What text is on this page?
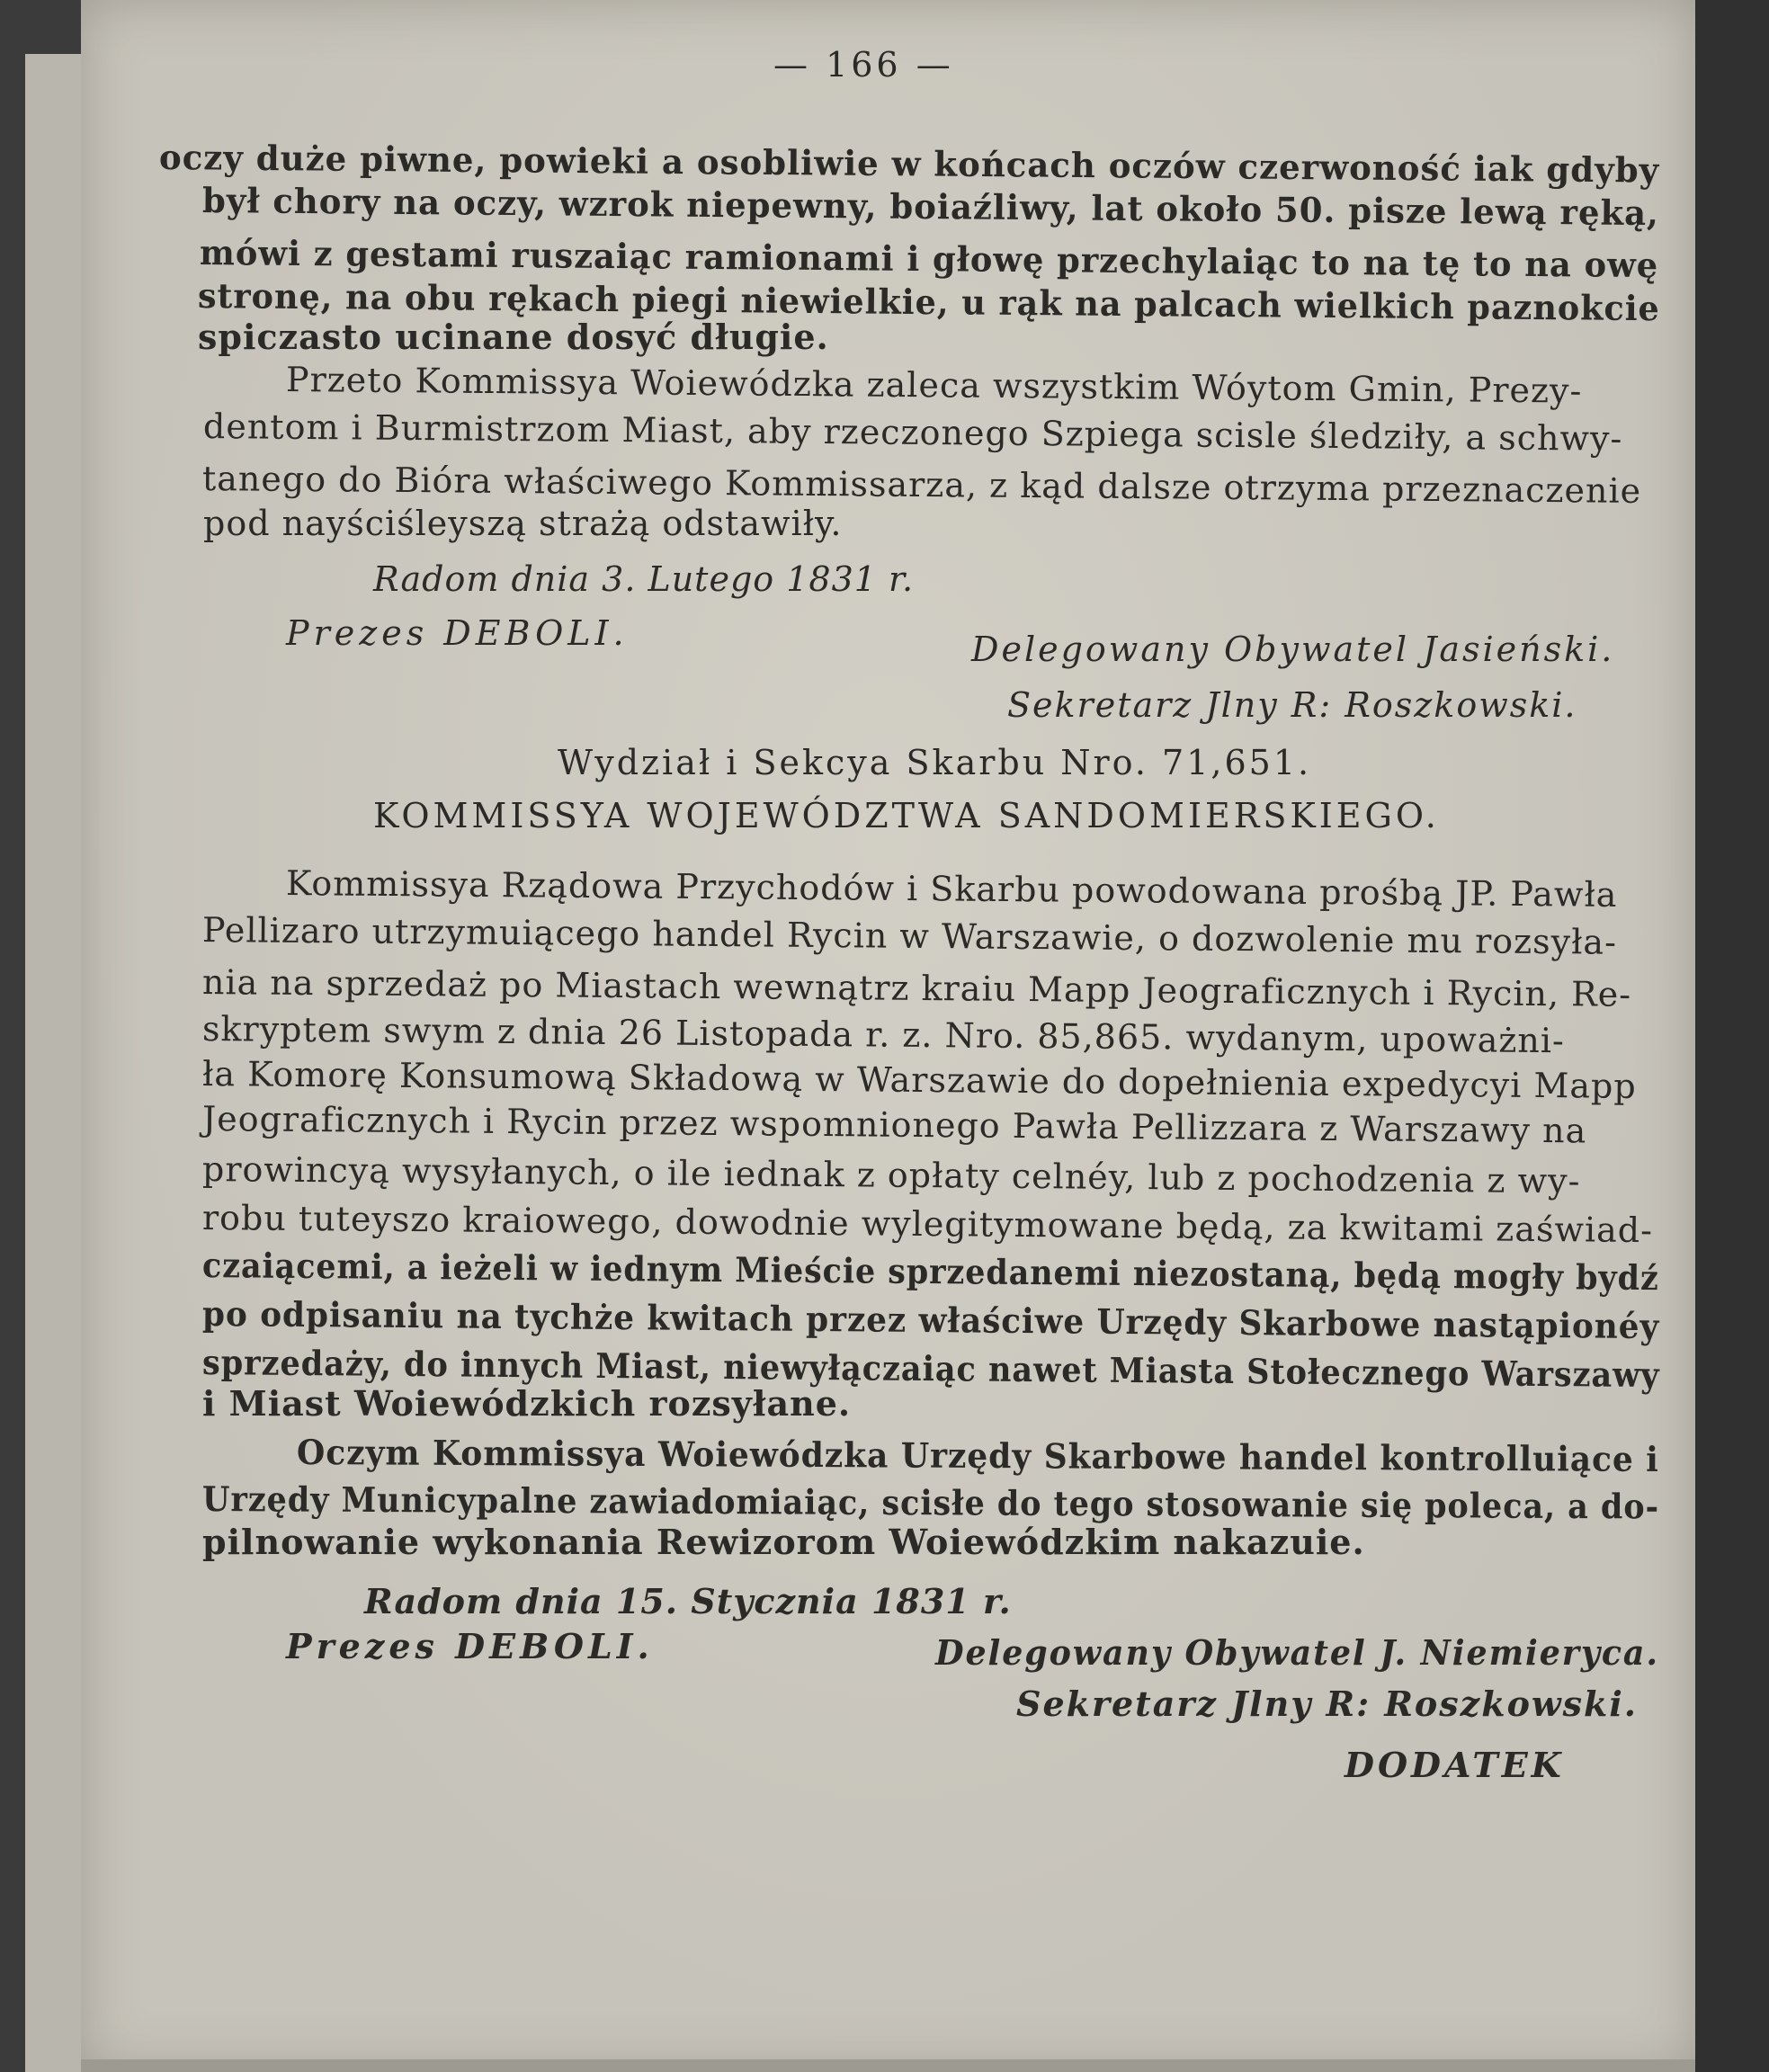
— 166 —
oczy duże piwne, powieki a osobliwie w końcach oczów czerwoność iak gdyby
był chory na oczy, wzrok niepewny, boiaźliwy, lat około 50. pisze lewą ręką,
mówi z gestami ruszaiąc ramionami i głowę przechylaiąc to na tę to na owę
stronę, na obu rękach piegi niewielkie, u rąk na palcach wielkich paznokcie
spiczasto ucinane dosyć długie.
Przeto Kommissya Woiewódzka zaleca wszystkim Wóytom Gmin, Prezy-
dentom i Burmistrzom Miast, aby rzeczonego Szpiega scisle śledziły, a schwy-
tanego do Bióra właściwego Kommissarza, z kąd dalsze otrzyma przeznaczenie
pod nayściśleyszą strażą odstawiły.
Radom dnia 3. Lutego 1831 r.
Prezes DEBOLI.	Delegowany Obywatel Jasieński.
Sekretarz Jlny R: Roszkowski.
Wydział i Sekcya Skarbu Nro. 71,651.
KOMMISSYA WOJEWÓDZTWA SANDOMIERSKIEGO.
Kommissya Rządowa Przychodów i Skarbu powodowana prośbą JP. Pawła
Pellizaro utrzymuiącego handel Rycin w Warszawie, o dozwolenie mu rozsyła-
nia na sprzedaż po Miastach wewnątrz kraiu Mapp Jeograficznych i Rycin, Re-
skryptem swym z dnia 26 Listopada r. z. Nro. 85,865. wydanym, upoważni-
ła Komorę Konsumową Składową w Warszawie do dopełnienia expedycyi Mapp
Jeograficznych i Rycin przez wspomnionego Pawła Pellizzara z Warszawy na
prowincyą wysyłanych, o ile iednak z opłaty celnéy, lub z pochodzenia z wy-
robu tuteyszo kraiowego, dowodnie wylegitymowane będą, za kwitami zaświad-
czaiącemi, a ieżeli w iednym Mieście sprzedanemi niezostaną, będą mogły bydź
po odpisaniu na tychże kwitach przez właściwe Urzędy Skarbowe nastąpionéy
sprzedaży, do innych Miast, niewyłączaiąc nawet Miasta Stołecznego Warszawy
i Miast Woiewódzkich rozsyłane.
Oczym Kommissya Woiewódzka Urzędy Skarbowe handel kontrolluiące i
Urzędy Municypalne zawiadomiaiąc, scisłe do tego stosowanie się poleca, a do-
pilnowanie wykonania Rewizorom Woiewódzkim nakazuie.
Radom dnia 15. Stycznia 1831 r.
Prezes DEBOLI.	Delegowany Obywatel J. Niemieryca.
Sekretarz Jlny R: Roszkowski.
DODATEK
